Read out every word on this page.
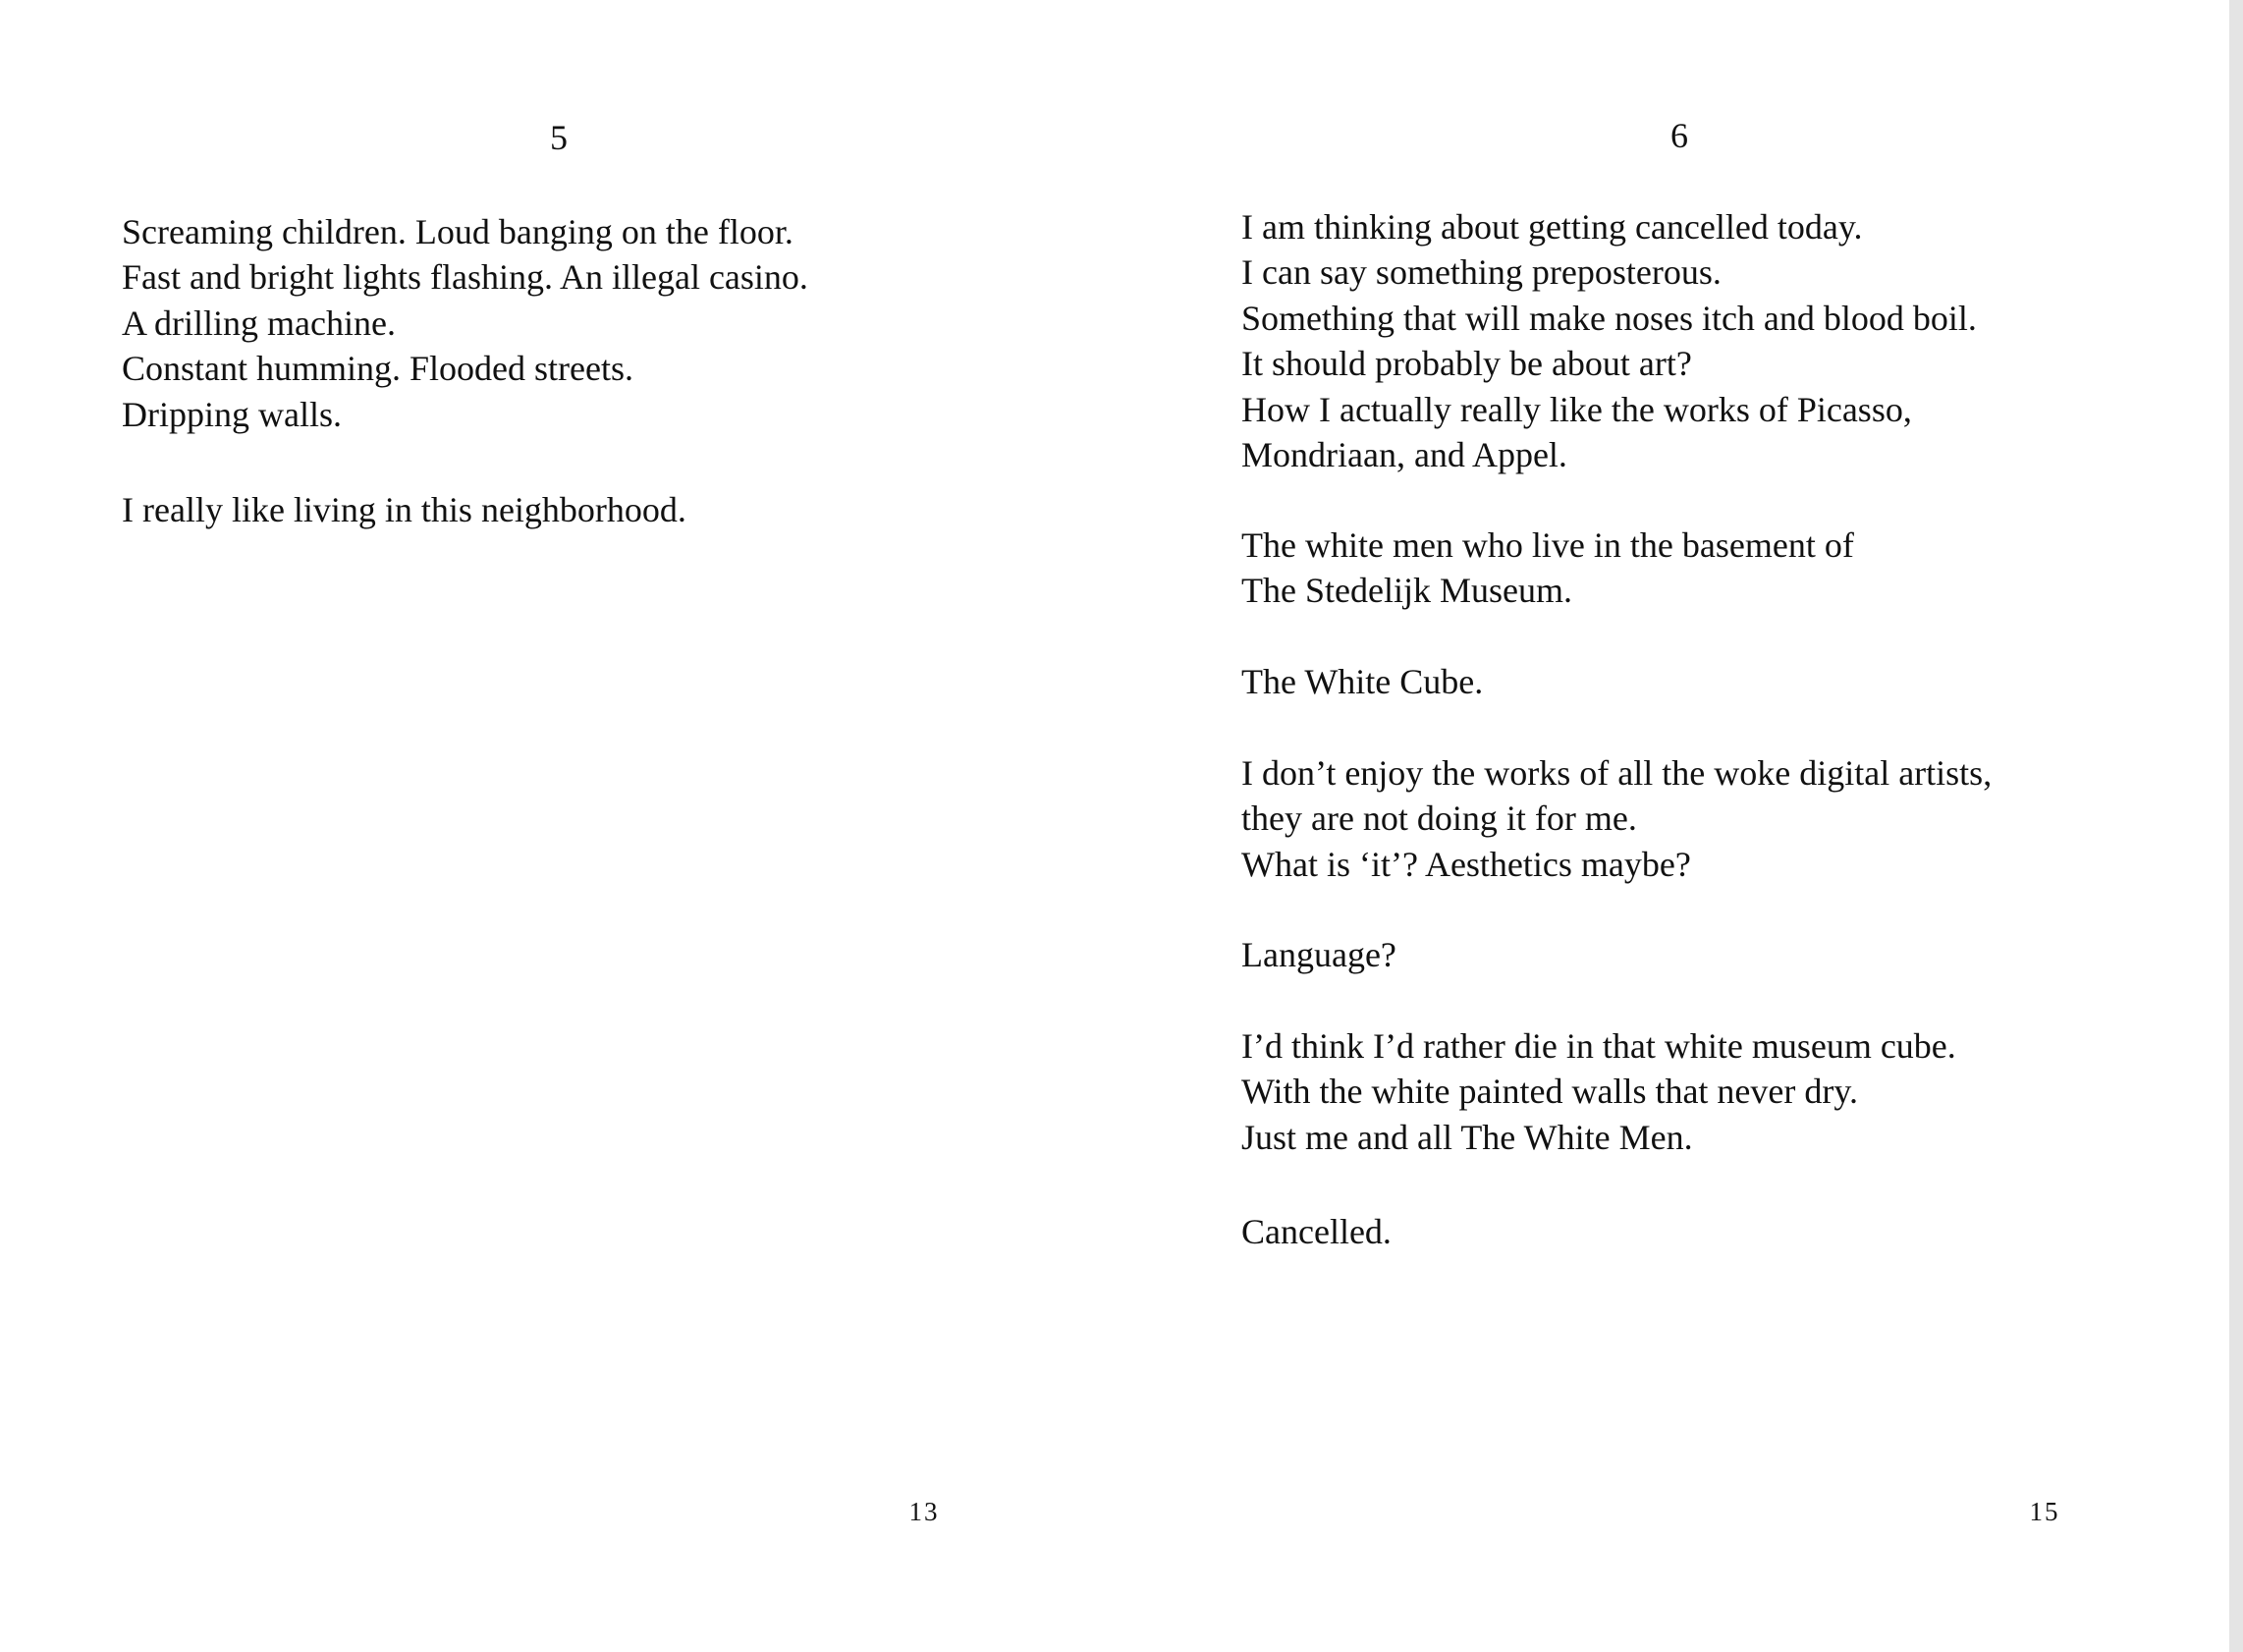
5
Screaming children. Loud banging on the floor.
Fast and bright lights flashing. An illegal casino.
A drilling machine.
Constant humming. Flooded streets.
Dripping walls.
I really like living in this neighborhood.
13
6
I am thinking about getting cancelled today.
I can say something preposterous.
Something that will make noses itch and blood boil.
It should probably be about art?
How I actually really like the works of Picasso,
Mondriaan, and Appel.
The white men who live in the basement of
The Stedelijk Museum.
The White Cube.
I don’t enjoy the works of all the woke digital artists,
they are not doing it for me.
What is ‘it’? Aesthetics maybe?
Language?
I’d think I’d rather die in that white museum cube.
With the white painted walls that never dry.
Just me and all The White Men.
Cancelled.
15
